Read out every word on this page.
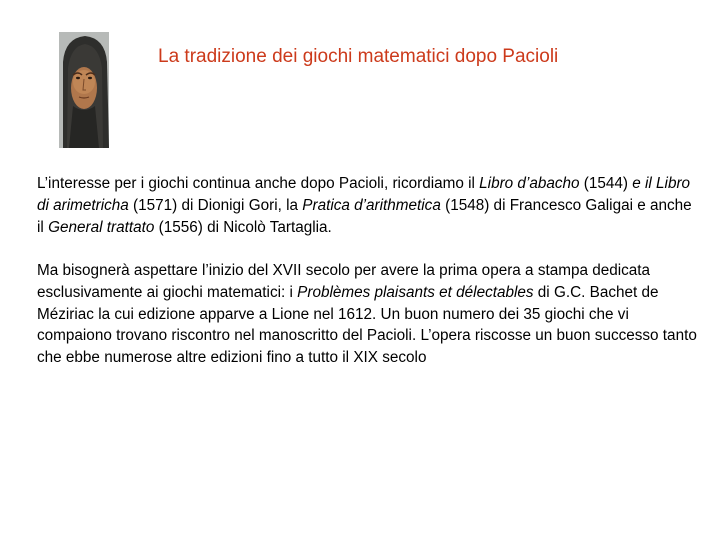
La tradizione dei giochi matematici dopo Pacioli

L’interesse per i giochi continua anche dopo Pacioli, ricordiamo il Libro d’abacho (1544) e il Libro di arimetricha (1571) di Dionigi Gori, la Pratica d’arithmetica (1548) di Francesco Galigai e anche il General trattato (1556) di Nicolò Tartaglia.

Ma bisognerà aspettare l’inizio del XVII secolo per avere la prima opera a stampa dedicata esclusivamente ai giochi matematici: i Problèmes plaisants et délectables di G.C. Bachet de Méziriac la cui edizione apparve a Lione nel 1612. Un buon numero dei 35 giochi che vi compaiono trovano riscontro nel manoscritto del Pacioli. L’opera riscosse un buon successo tanto che ebbe numerose altre edizioni fino a tutto il XIX secolo
